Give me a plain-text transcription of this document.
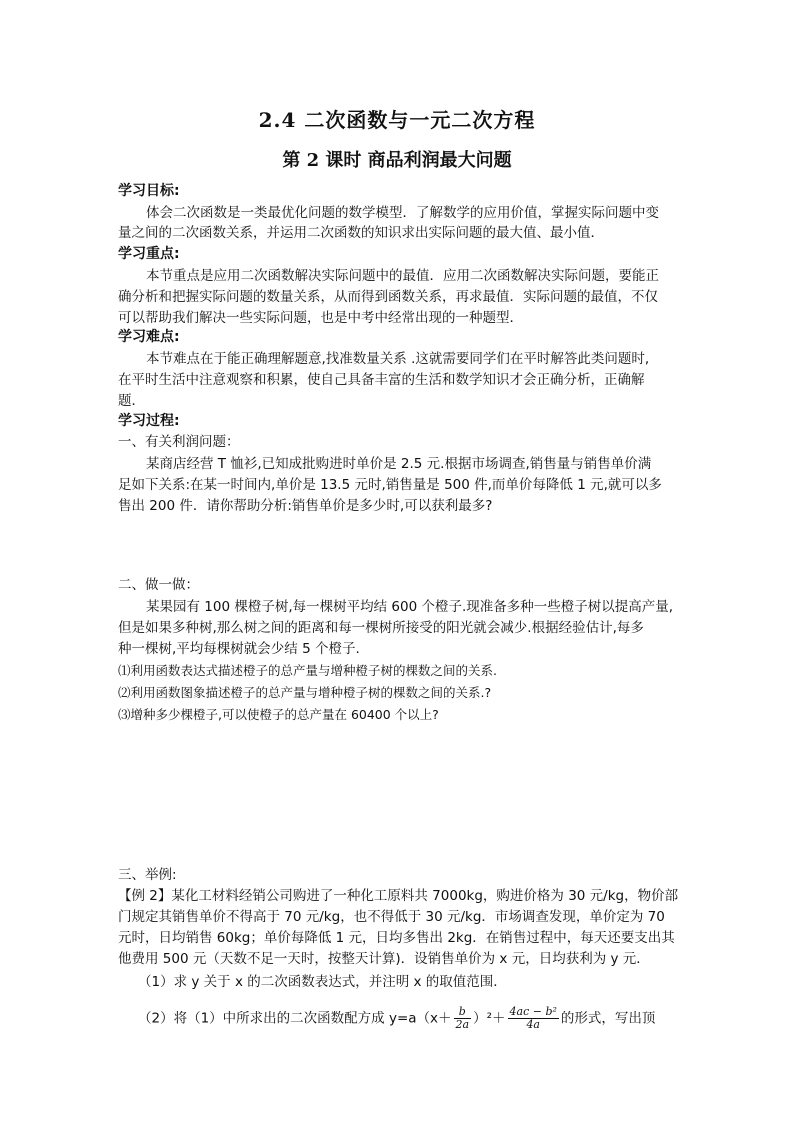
2.4 二次函数与一元二次方程
第 2 课时 商品利润最大问题
学习目标:
体会二次函数是一类最优化问题的数学模型．了解数学的应用价值，掌握实际问题中变
量之间的二次函数关系，并运用二次函数的知识求出实际问题的最大值、最小值．
学习重点:
本节重点是应用二次函数解决实际问题中的最值．应用二次函数解决实际问题，要能正
确分析和把握实际问题的数量关系，从而得到函数关系，再求最值．实际问题的最值，不仅
可以帮助我们解决一些实际问题，也是中考中经常出现的一种题型．
学习难点:
本节难点在于能正确理解题意,找准数量关系 .这就需要同学们在平时解答此类问题时,
在平时生活中注意观察和积累，使自己具备丰富的生活和数学知识才会正确分析，正确解
题．
学习过程:
一、有关利润问题：
某商店经营 T 恤衫,已知成批购进时单价是 2.5 元.根据市场调查,销售量与销售单价满
足如下关系:在某一时间内,单价是 13.5 元时,销售量是 500 件,而单价每降低 1 元,就可以多
售出 200 件．请你帮助分析:销售单价是多少时,可以获利最多?
二、做一做：
某果园有 100 棵橙子树,每一棵树平均结 600 个橙子.现准备多种一些橙子树以提高产量,
但是如果多种树,那么树之间的距离和每一棵树所接受的阳光就会减少.根据经验估计,每多
种一棵树,平均每棵树就会少结 5 个橙子.
⑴利用函数表达式描述橙子的总产量与增种橙子树的棵数之间的关系.
⑵利用函数图象描述橙子的总产量与增种橙子树的棵数之间的关系.?
⑶增种多少棵橙子,可以使橙子的总产量在 60400 个以上?
三、举例:
【例 2】某化工材料经销公司购进了一种化工原料共 7000kg，购进价格为 30 元/kg，物价部
门规定其销售单价不得高于 70 元/kg，也不得低于 30 元/kg．市场调查发现，单价定为 70
元时，日均销售 60kg；单价每降低 1 元，日均多售出 2kg．在销售过程中，每天还要支出其
他费用 500 元（天数不足一天时，按整天计算)．设销售单价为 x 元，日均获利为 y 元．
（1）求 y 关于 x 的二次函数表达式，并注明 x 的取值范围．
（2）将（1）中所求出的二次函数配方成 $y=a(x+ \frac{b}{2a} )^2+ \frac{\text{4ac − b²}}{4a}$ 的形式，写出顶
